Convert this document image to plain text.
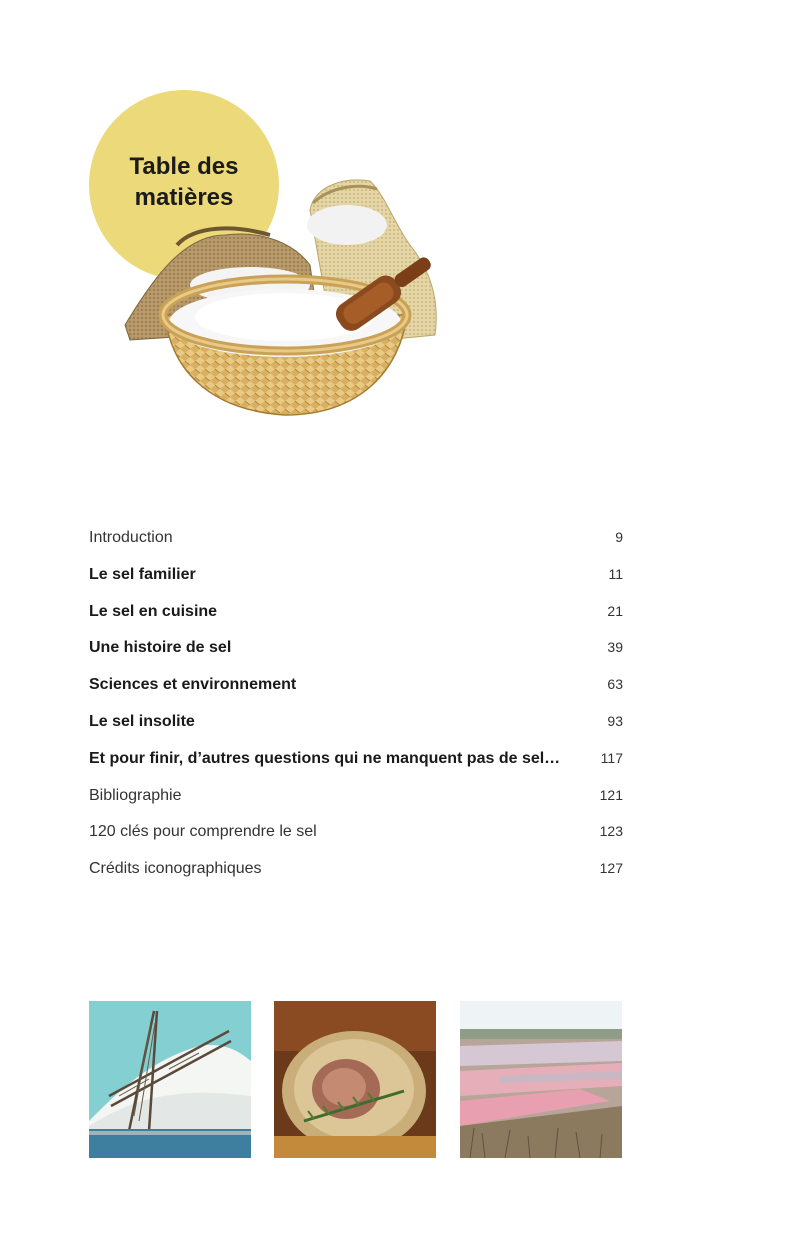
Table des
matières
Introduction	9
Le sel familier	11
Le sel en cuisine	21
Une histoire de sel	39
Sciences et environnement	63
Le sel insolite	93
Et pour finir, d’autres questions qui ne manquent pas de sel…	117
Bibliographie	121
120 clés pour comprendre le sel	123
Crédits iconographiques	127
